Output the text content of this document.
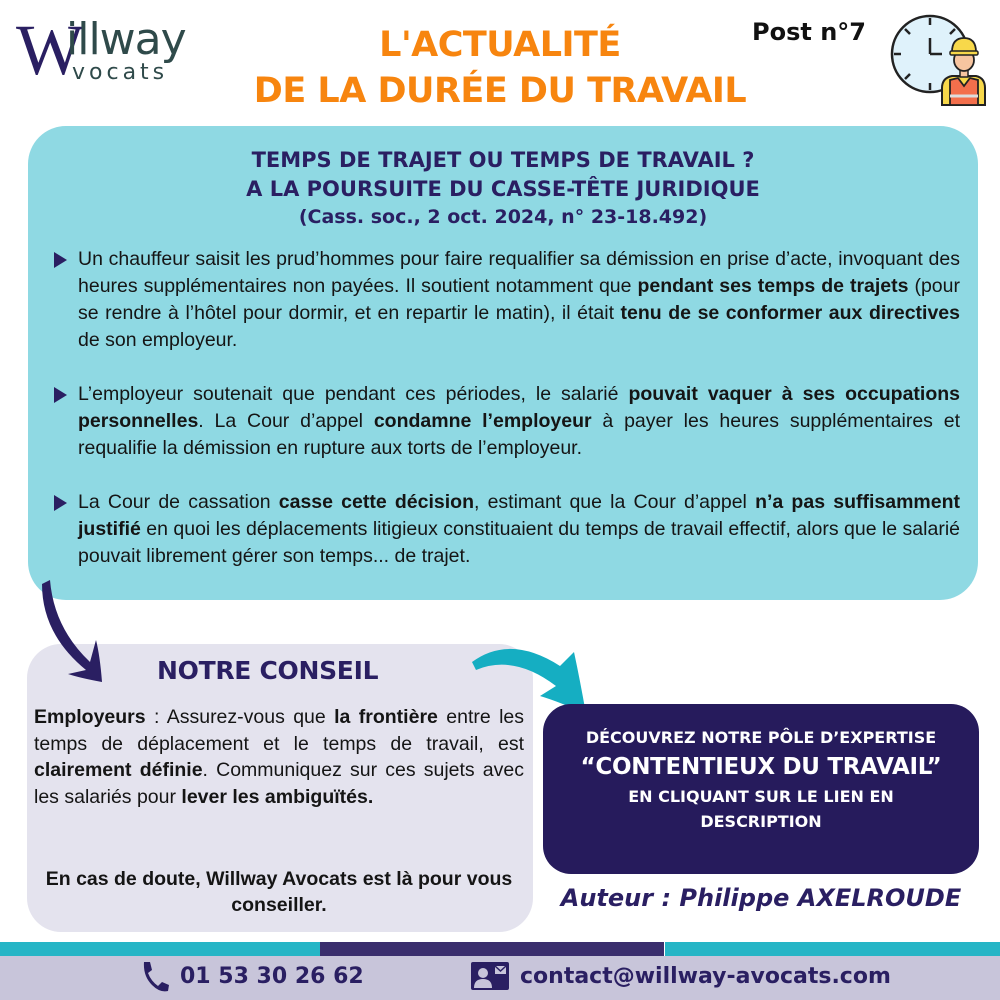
W
illway
vocats
L'ACTUALITÉ
DE LA DURÉE DU TRAVAIL
Post n°7
TEMPS DE TRAJET OU TEMPS DE TRAVAIL ?
A LA POURSUITE DU CASSE-TÊTE JURIDIQUE
(Cass. soc., 2 oct. 2024, n° 23-18.492)

Un chauffeur saisit les prud’hommes pour faire requalifier sa démission en prise d’acte, invoquant des heures supplémentaires non payées. Il soutient notamment que pendant ses temps de trajets (pour se rendre à l’hôtel pour dormir, et en repartir le matin), il était tenu de se conformer aux directives de son employeur.

L’employeur soutenait que pendant ces périodes, le salarié pouvait vaquer à ses occupations personnelles. La Cour d’appel condamne l’employeur à payer les heures supplémentaires et requalifie la démission en rupture aux torts de l’employeur.

La Cour de cassation casse cette décision, estimant que la Cour d’appel n’a pas suffisamment justifié en quoi les déplacements litigieux constituaient du temps de travail effectif, alors que le salarié pouvait librement gérer son temps... de trajet.

NOTRE CONSEIL

Employeurs : Assurez-vous que la frontière entre les temps de déplacement et le temps de travail, est clairement définie. Communiquez sur ces sujets avec les salariés pour lever les ambiguïtés.

En cas de doute, Willway Avocats est là pour vous conseiller.

DÉCOUVREZ NOTRE PÔLE D’EXPERTISE
“CONTENTIEUX DU TRAVAIL”
EN CLIQUANT SUR LE LIEN EN
DESCRIPTION
Auteur : Philippe AXELROUDE
01 53 30 26 62	contact@willway-avocats.com
